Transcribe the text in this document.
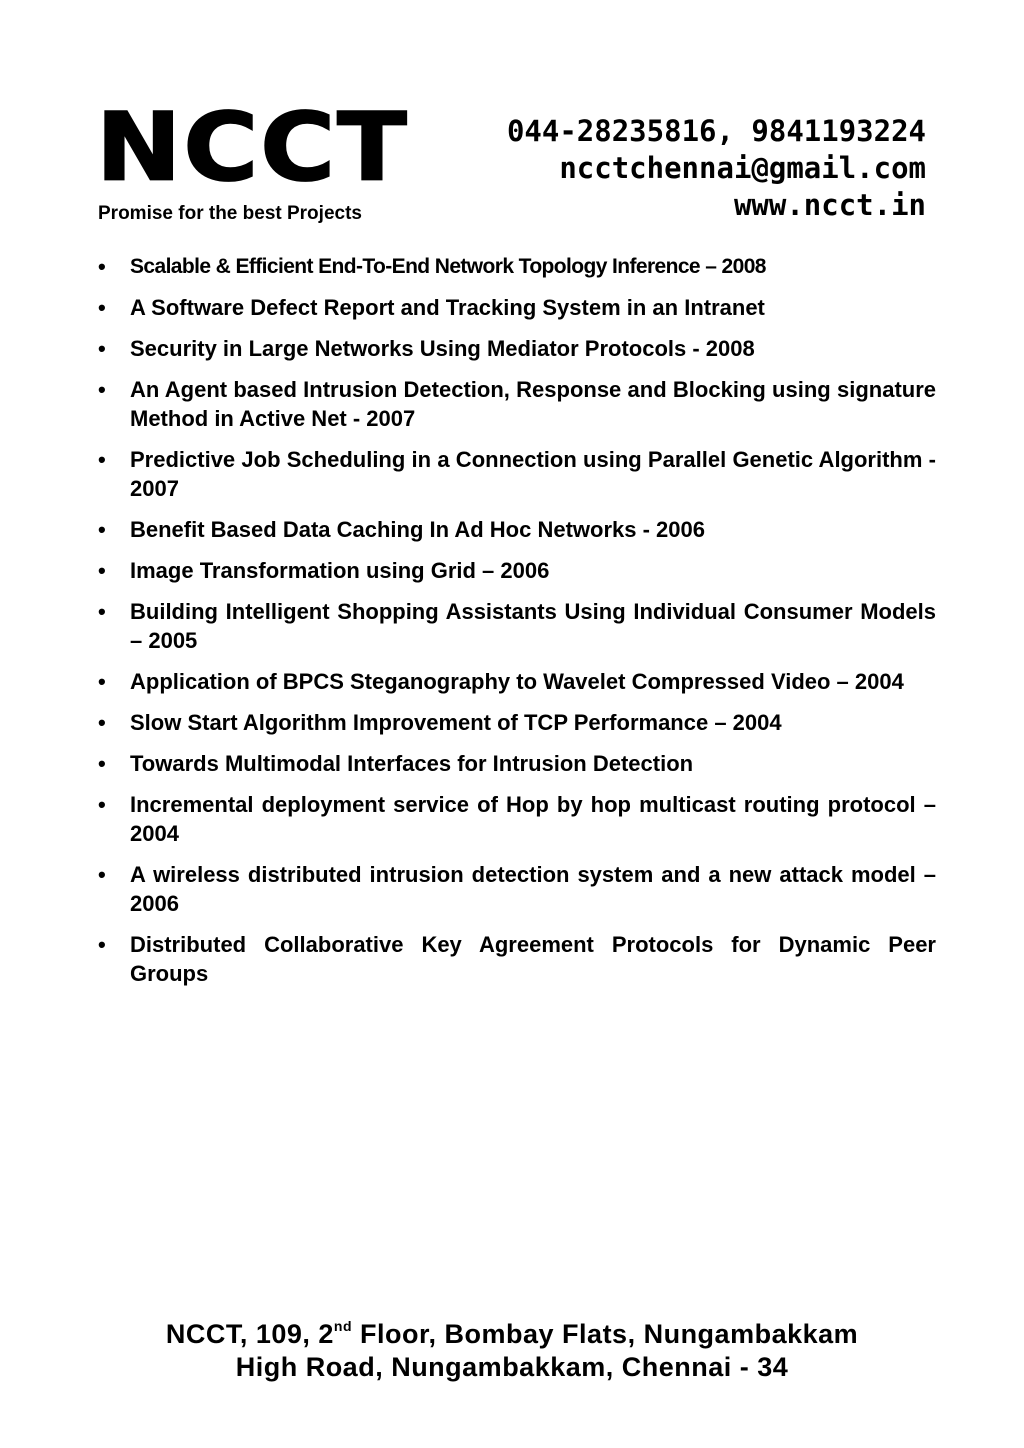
NCCT
Promise for the best Projects
044-28235816, 9841193224
ncctchennai@gmail.com
www.ncct.in
•	Scalable & Efficient End-To-End Network Topology Inference – 2008
•	A Software Defect Report and Tracking System in an Intranet
•	Security in Large Networks Using Mediator Protocols - 2008
•	An Agent based Intrusion Detection, Response and Blocking using signature Method in Active Net - 2007
•	Predictive Job Scheduling in a Connection using Parallel Genetic Algorithm - 2007
•	Benefit Based Data Caching In Ad Hoc Networks - 2006
•	Image Transformation using Grid – 2006
•	Building Intelligent Shopping Assistants Using Individual Consumer Models – 2005
•	Application of BPCS Steganography to Wavelet Compressed Video – 2004
•	Slow Start Algorithm Improvement of TCP Performance – 2004
•	Towards Multimodal Interfaces for Intrusion Detection
•	Incremental deployment service of Hop by hop multicast routing protocol – 2004
•	A wireless distributed intrusion detection system and a new attack model – 2006
•	Distributed Collaborative Key Agreement Protocols for Dynamic Peer Groups
NCCT, 109, 2nd Floor, Bombay Flats, Nungambakkam
High Road, Nungambakkam, Chennai - 34
